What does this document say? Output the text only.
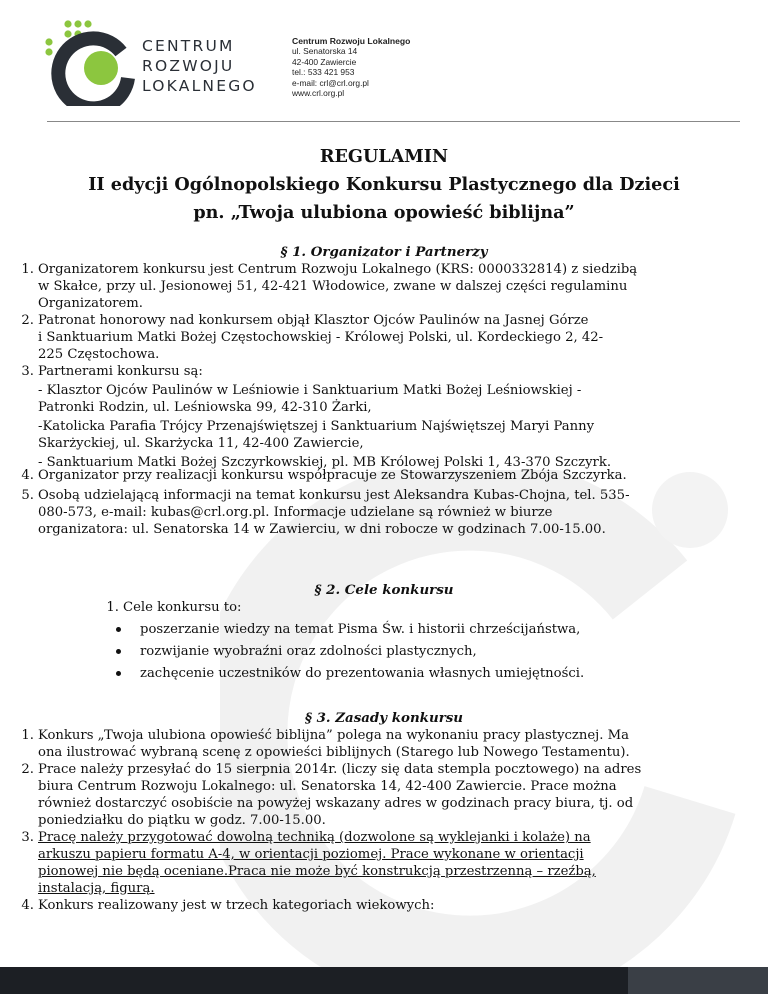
CENTRUM
ROZWOJU
LOKALNEGO
Centrum Rozwoju Lokalnego
ul. Senatorska 14
42-400 Zawiercie
tel.: 533 421 953
e-mail: crl@crl.org.pl
www.crl.org.pl
REGULAMIN
II edycji Ogólnopolskiego Konkursu Plastycznego dla Dzieci
pn. „Twoja ulubiona opowieść biblijna”
§ 1. Organizator i Partnerzy
1. Organizatorem konkursu jest Centrum Rozwoju Lokalnego (KRS: 0000332814) z siedzibą
w Skałce, przy ul. Jesionowej 51, 42-421 Włodowice, zwane w dalszej części regulaminu
Organizatorem.
2. Patronat honorowy nad konkursem objął Klasztor Ojców Paulinów na Jasnej Górze
i Sanktuarium Matki Bożej Częstochowskiej - Królowej Polski, ul. Kordeckiego 2, 42-
225 Częstochowa.
3. Partnerami konkursu są:
- Klasztor Ojców Paulinów w Leśniowie i Sanktuarium Matki Bożej Leśniowskiej -
Patronki Rodzin, ul. Leśniowska 99, 42-310 Żarki,
-Katolicka Parafia Trójcy Przenajświętszej i Sanktuarium Najświętszej Maryi Panny
Skarżyckiej, ul. Skarżycka 11, 42-400 Zawiercie,
- Sanktuarium Matki Bożej Szczyrkowskiej, pl. MB Królowej Polski 1, 43-370 Szczyrk.
4. Organizator przy realizacji konkursu współpracuje ze Stowarzyszeniem Zbója Szczyrka.
5. Osobą udzielającą informacji na temat konkursu jest Aleksandra Kubas-Chojna, tel. 535-
080-573, e-mail: kubas@crl.org.pl. Informacje udzielane są również w biurze
organizatora: ul. Senatorska 14 w Zawierciu, w dni robocze w godzinach 7.00-15.00.
§ 2. Cele konkursu
1. Cele konkursu to:
poszerzanie wiedzy na temat Pisma Św. i historii chrześcijaństwa,
rozwijanie wyobraźni oraz zdolności plastycznych,
zachęcenie uczestników do prezentowania własnych umiejętności.
§ 3. Zasady konkursu
1. Konkurs „Twoja ulubiona opowieść biblijna” polega na wykonaniu pracy plastycznej. Ma
ona ilustrować wybraną scenę z opowieści biblijnych (Starego lub Nowego Testamentu).
2. Prace należy przesyłać do 15 sierpnia 2014r. (liczy się data stempla pocztowego) na adres
biura Centrum Rozwoju Lokalnego: ul. Senatorska 14, 42-400 Zawiercie. Prace można
również dostarczyć osobiście na powyżej wskazany adres w godzinach pracy biura, tj. od
poniedziałku do piątku w godz. 7.00-15.00.
3. Pracę należy przygotować dowolną techniką (dozwolone są wyklejanki i kolaże) na
arkuszu papieru formatu A-4, w orientacji poziomej. Prace wykonane w orientacji
pionowej nie będą oceniane.Praca nie może być konstrukcją przestrzenną – rzeźbą,
instalacją, figurą.
4. Konkurs realizowany jest w trzech kategoriach wiekowych:
